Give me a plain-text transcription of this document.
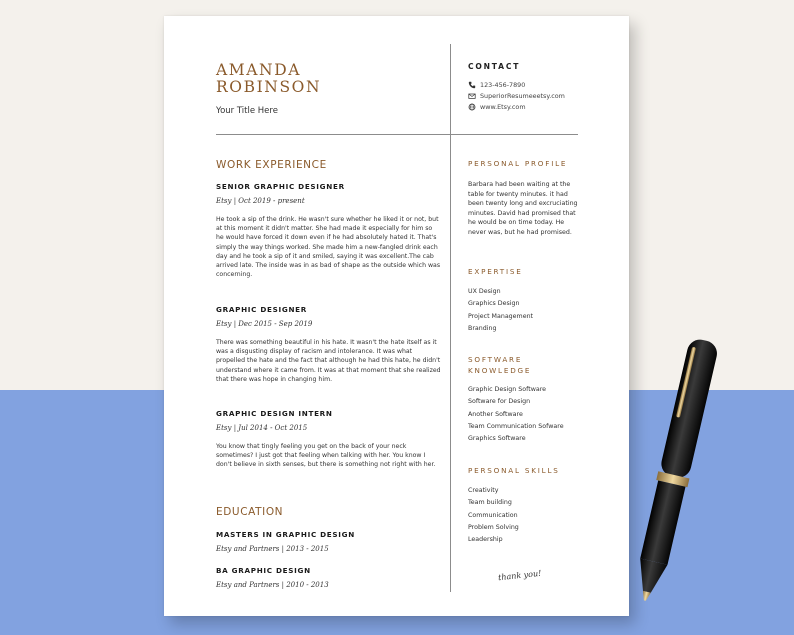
AMANDA
ROBINSON
Your Title Here
CONTACT
123-456-7890
SuperiorResumeeetsy.com
www.Etsy.com
WORK EXPERIENCE
SENIOR GRAPHIC DESIGNER
Etsy | Oct 2019 - present
He took a sip of the drink. He wasn't sure whether he liked it or not, but at this moment it didn't matter. She had made it especially for him so he would have forced it down even if he had absolutely hated it. That's simply the way things worked. She made him a new-fangled drink each day and he took a sip of it and smiled, saying it was excellent.The cab arrived late. The inside was in as bad of shape as the outside which was concerning.
GRAPHIC DESIGNER
Etsy | Dec 2015 - Sep 2019
There was something beautiful in his hate. It wasn't the hate itself as it was a disgusting display of racism and intolerance. It was what propelled the hate and the fact that although he had this hate, he didn't understand where it came from. It was at that moment that she realized that there was hope in changing him.
GRAPHIC DESIGN INTERN
Etsy | Jul 2014 - Oct 2015
You know that tingly feeling you get on the back of your neck sometimes? I just got that feeling when talking with her. You know I don't believe in sixth senses, but there is something not right with her.
EDUCATION
MASTERS IN GRAPHIC DESIGN
Etsy and Partners | 2013 - 2015
BA GRAPHIC DESIGN
Etsy and Partners | 2010 - 2013
PERSONAL PROFILE
Barbara had been waiting at the table for twenty minutes. it had been twenty long and excruciating minutes. David had promised that he would be on time today. He never was, but he had promised.
EXPERTISE
UX Design
Graphics Design
Project Management
Branding
SOFTWARE
KNOWLEDGE
Graphic Design Software
Software for Design
Another Software
Team Communication Sofware
Graphics Software
PERSONAL SKILLS
Creativity
Team building
Communication
Problem Solving
Leadership
thank you!
